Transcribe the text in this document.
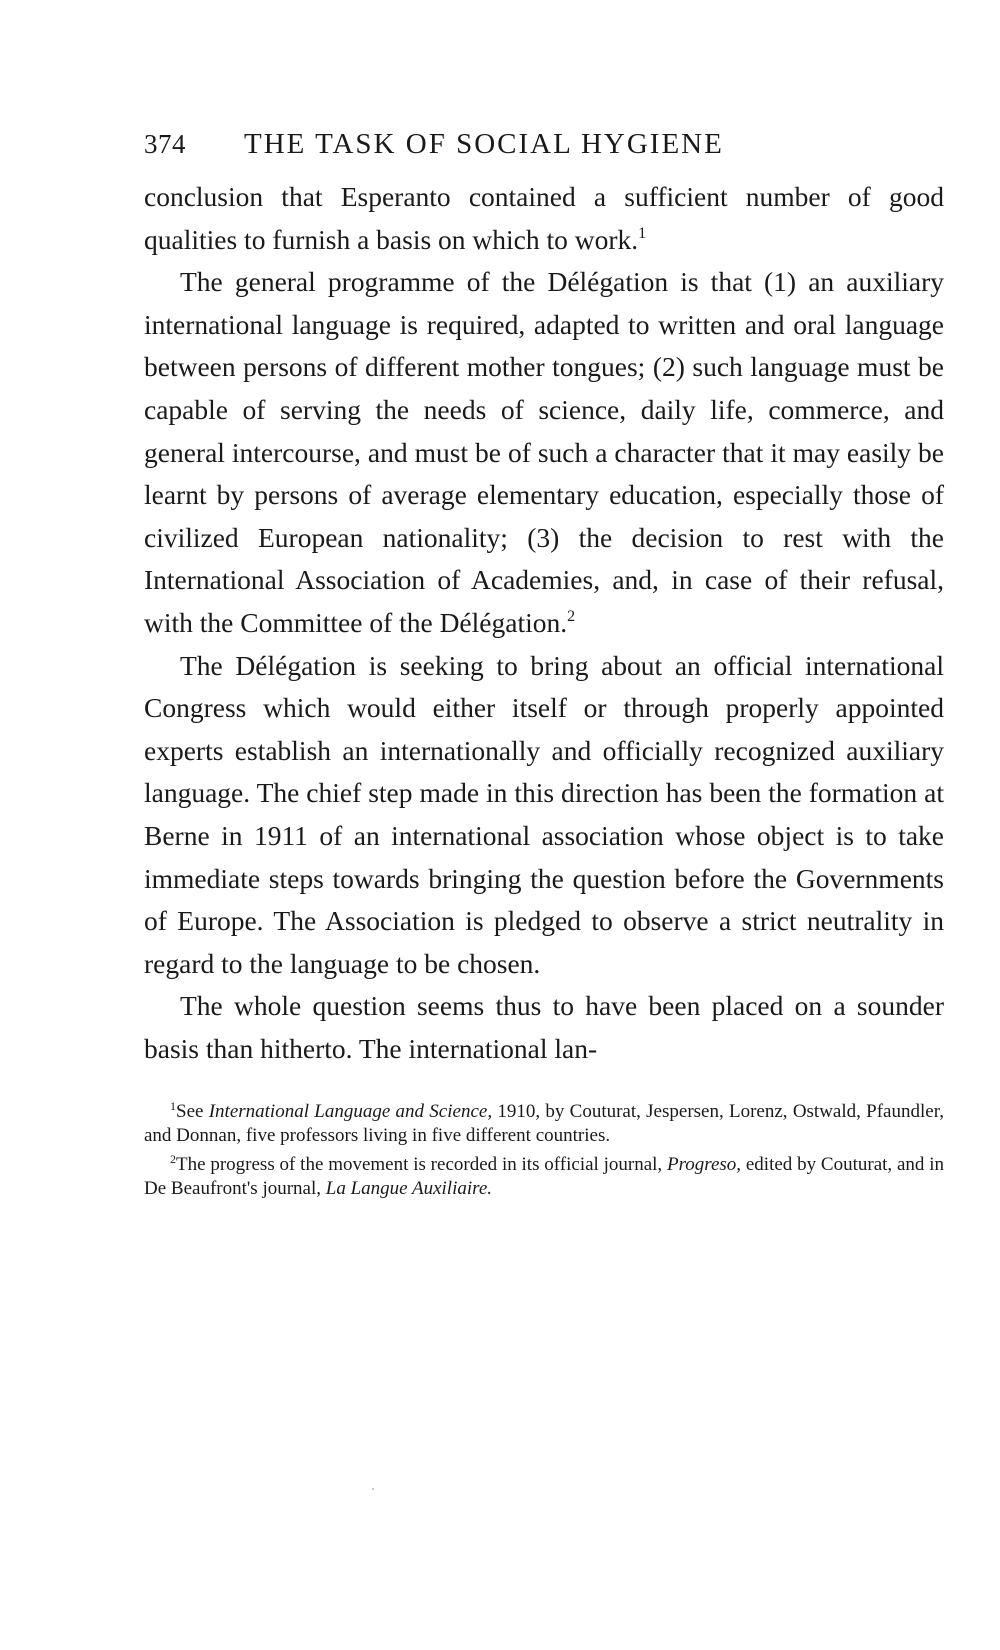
374	THE TASK OF SOCIAL HYGIENE

conclusion that Esperanto contained a sufficient number of good qualities to furnish a basis on which to work.$^1$

The general programme of the Délégation is that (1) an auxiliary international language is required, adapted to written and oral language between persons of different mother tongues; (2) such language must be capable of serving the needs of science, daily life, commerce, and general intercourse, and must be of such a character that it may easily be learnt by persons of average elementary education, especially those of civilized European nationality; (3) the decision to rest with the International Association of Academies, and, in case of their refusal, with the Committee of the Délégation.$^2$

The Délégation is seeking to bring about an official international Congress which would either itself or through properly appointed experts establish an internationally and officially recognized auxiliary language. The chief step made in this direction has been the formation at Berne in 1911 of an international association whose object is to take immediate steps towards bringing the question before the Governments of Europe. The Association is pledged to observe a strict neutrality in regard to the language to be chosen.

The whole question seems thus to have been placed on a sounder basis than hitherto. The international lan-

$^1$See International Language and Science, 1910, by Couturat, Jespersen, Lorenz, Ostwald, Pfaundler, and Donnan, five professors living in five different countries.

$^2$The progress of the movement is recorded in its official journal, Progreso, edited by Couturat, and in De Beaufront's journal, La Langue Auxiliaire.
